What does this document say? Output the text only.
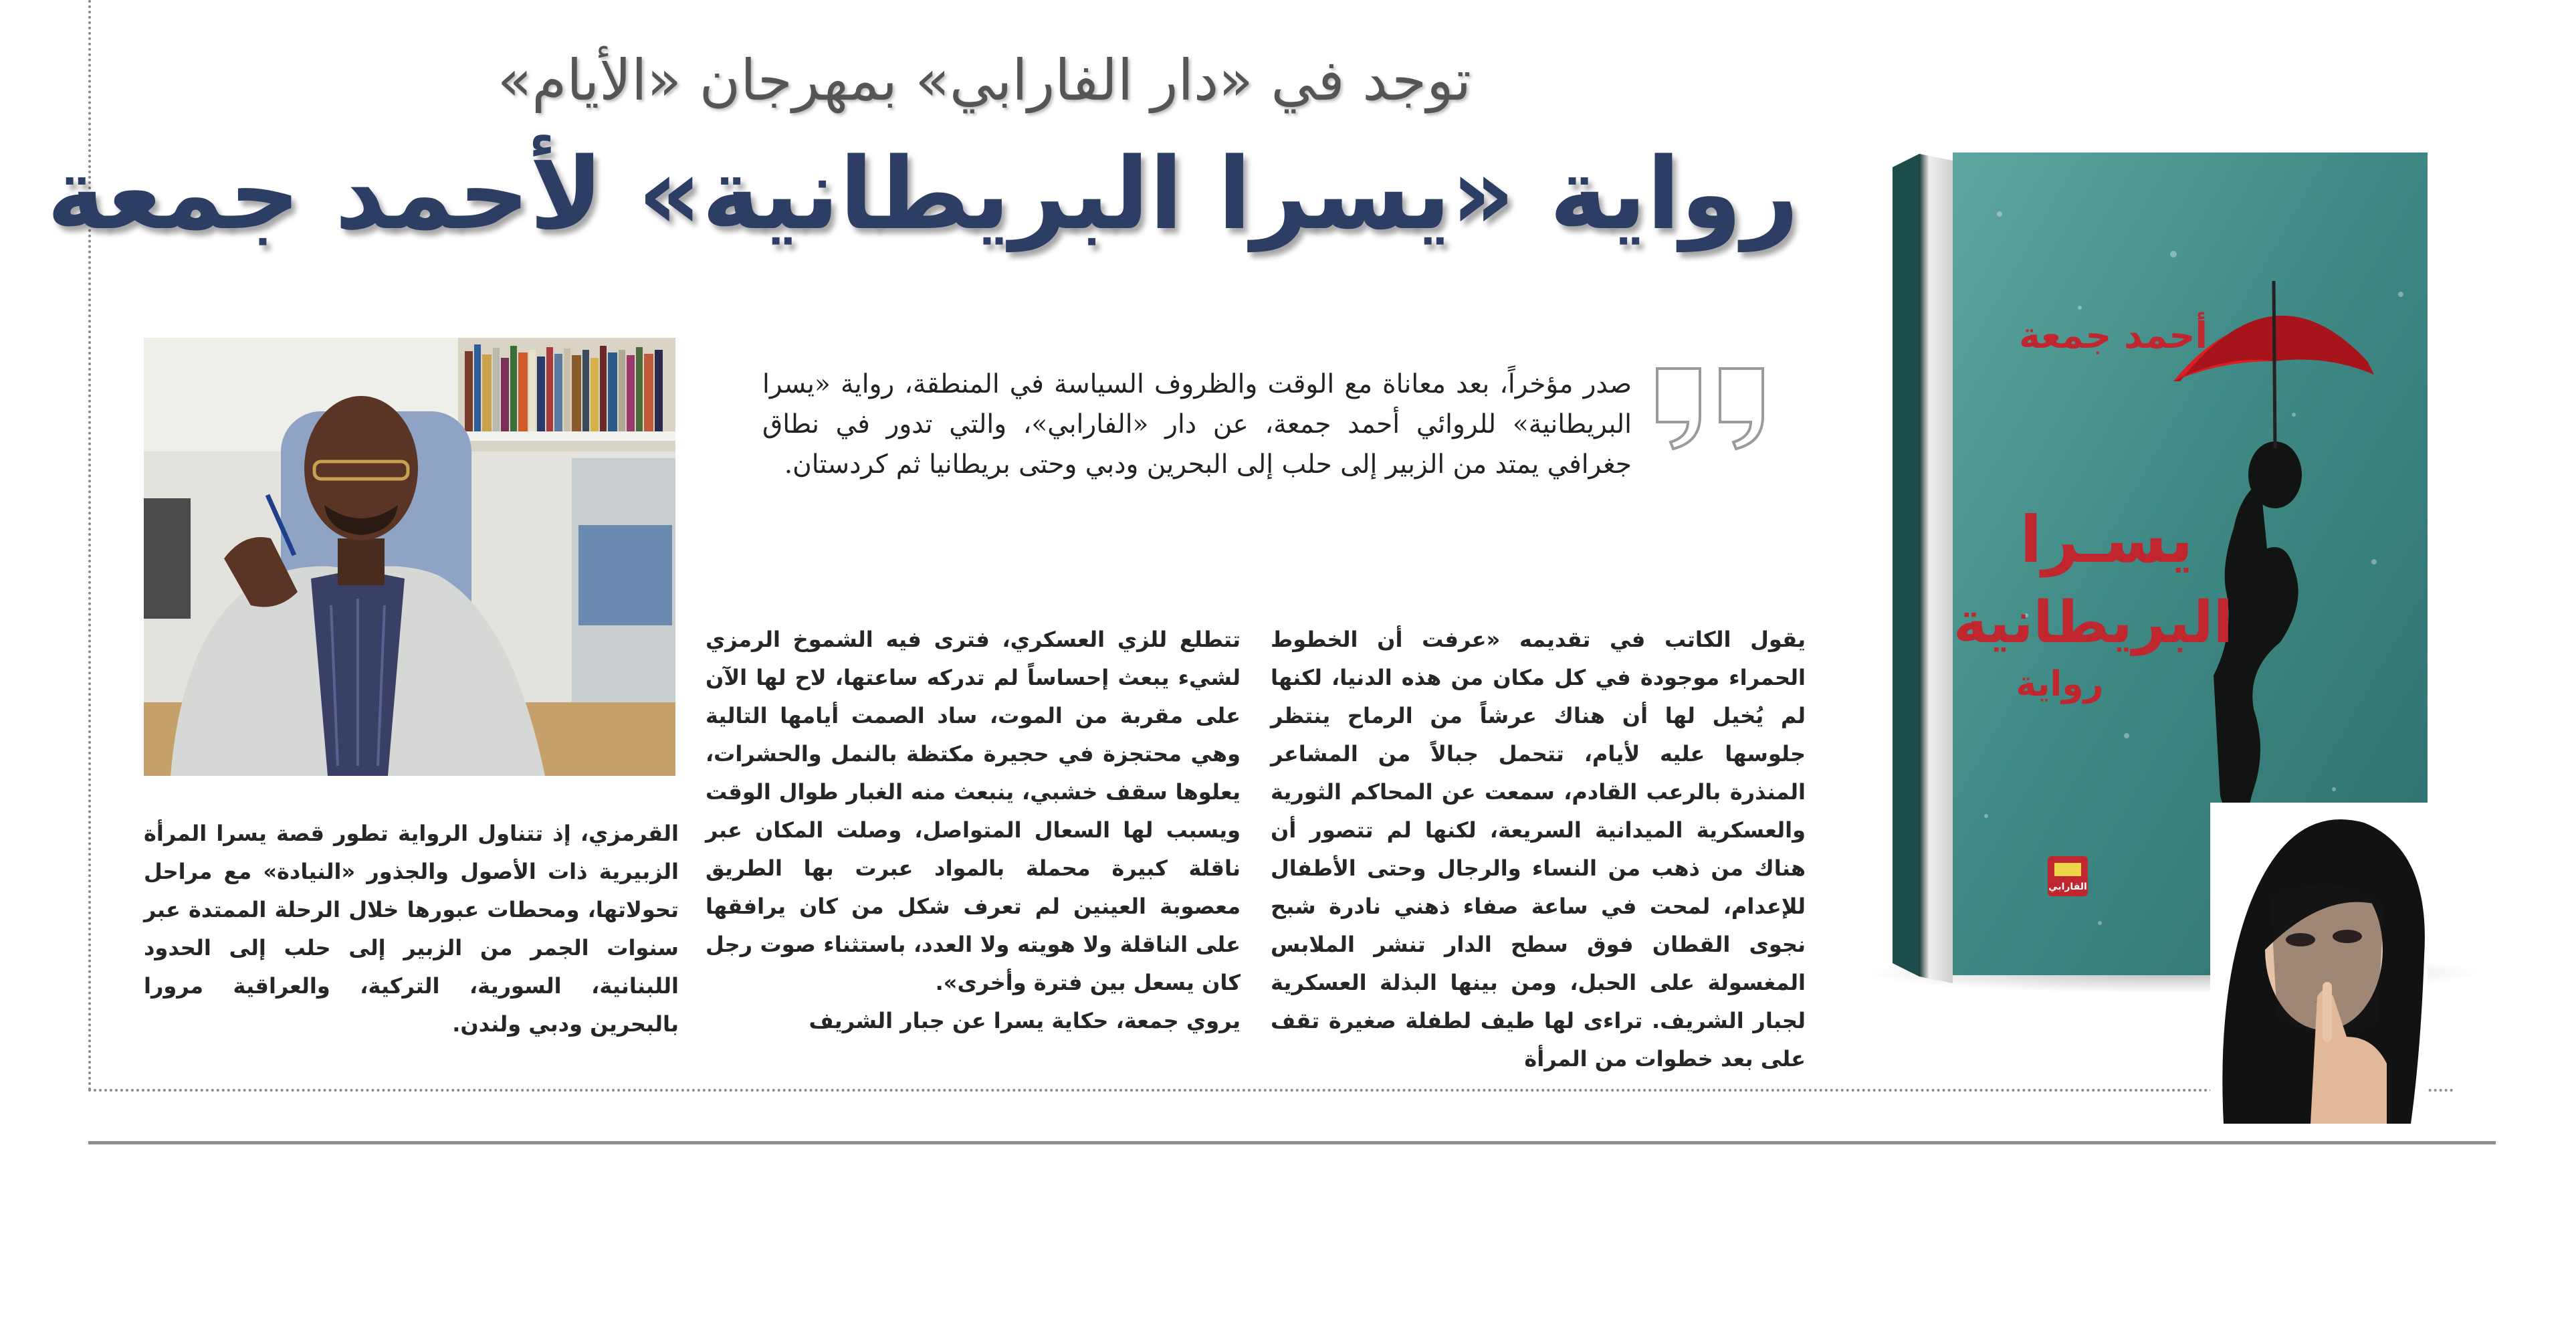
توجد في «دار الفارابي» بمهرجان «الأيام»
رواية «يسرا البريطانية» لأحمد جمعة
صدر مؤخراً، بعد معاناة مع الوقت والظروف السياسة في المنطقة، رواية «يسرا البريطانية» للروائي أحمد جمعة، عن دار «الفارابي»، والتي تدور في نطاق جغرافي يمتد من الزبير إلى حلب إلى البحرين ودبي وحتى بريطانيا ثم كردستان.

يقول الكاتب في تقديمه «عرفت أن الخطوط الحمراء موجودة في كل مكان من هذه الدنيا، لكنها لم يُخيل لها أن هناك عرشاً من الرماح ينتظر جلوسها عليه لأيام، تتحمل جبالاً من المشاعر المنذرة بالرعب القادم، سمعت عن المحاكم الثورية والعسكرية الميدانية السريعة، لكنها لم تتصور أن هناك من ذهب من النساء والرجال وحتى الأطفال للإعدام، لمحت في ساعة صفاء ذهني نادرة شبح نجوى القطان فوق سطح الدار تنشر الملابس المغسولة على الحبل، ومن بينها البذلة العسكرية لجبار الشريف. تراءى لها طيف لطفلة صغيرة تقف على بعد خطوات من المرأة

تتطلع للزي العسكري، فترى فيه الشموخ الرمزي لشيء يبعث إحساساً لم تدركه ساعتها، لاح لها الآن على مقربة من الموت، ساد الصمت أيامها التالية وهي محتجزة في حجيرة مكتظة بالنمل والحشرات، يعلوها سقف خشبي، ينبعث منه الغبار طوال الوقت ويسبب لها السعال المتواصل، وصلت المكان عبر ناقلة كبيرة محملة بالمواد عبرت بها الطريق معصوبة العينين لم تعرف شكل من كان يرافقها على الناقلة ولا هويته ولا العدد، باستثناء صوت رجل كان يسعل بين فترة وأخرى».

يروي جمعة، حكاية يسرا عن جبار الشريف

القرمزي، إذ تتناول الرواية تطور قصة يسرا المرأة الزبيرية ذات الأصول والجذور «النيادة» مع مراحل تحولاتها، ومحطات عبورها خلال الرحلة الممتدة عبر سنوات الجمر من الزبير إلى حلب إلى الحدود اللبنانية، السورية، التركية، والعراقية مرورا بالبحرين ودبي ولندن.

أحمد جمعة
يسـرا
البريطانية
رواية
الفارابي
